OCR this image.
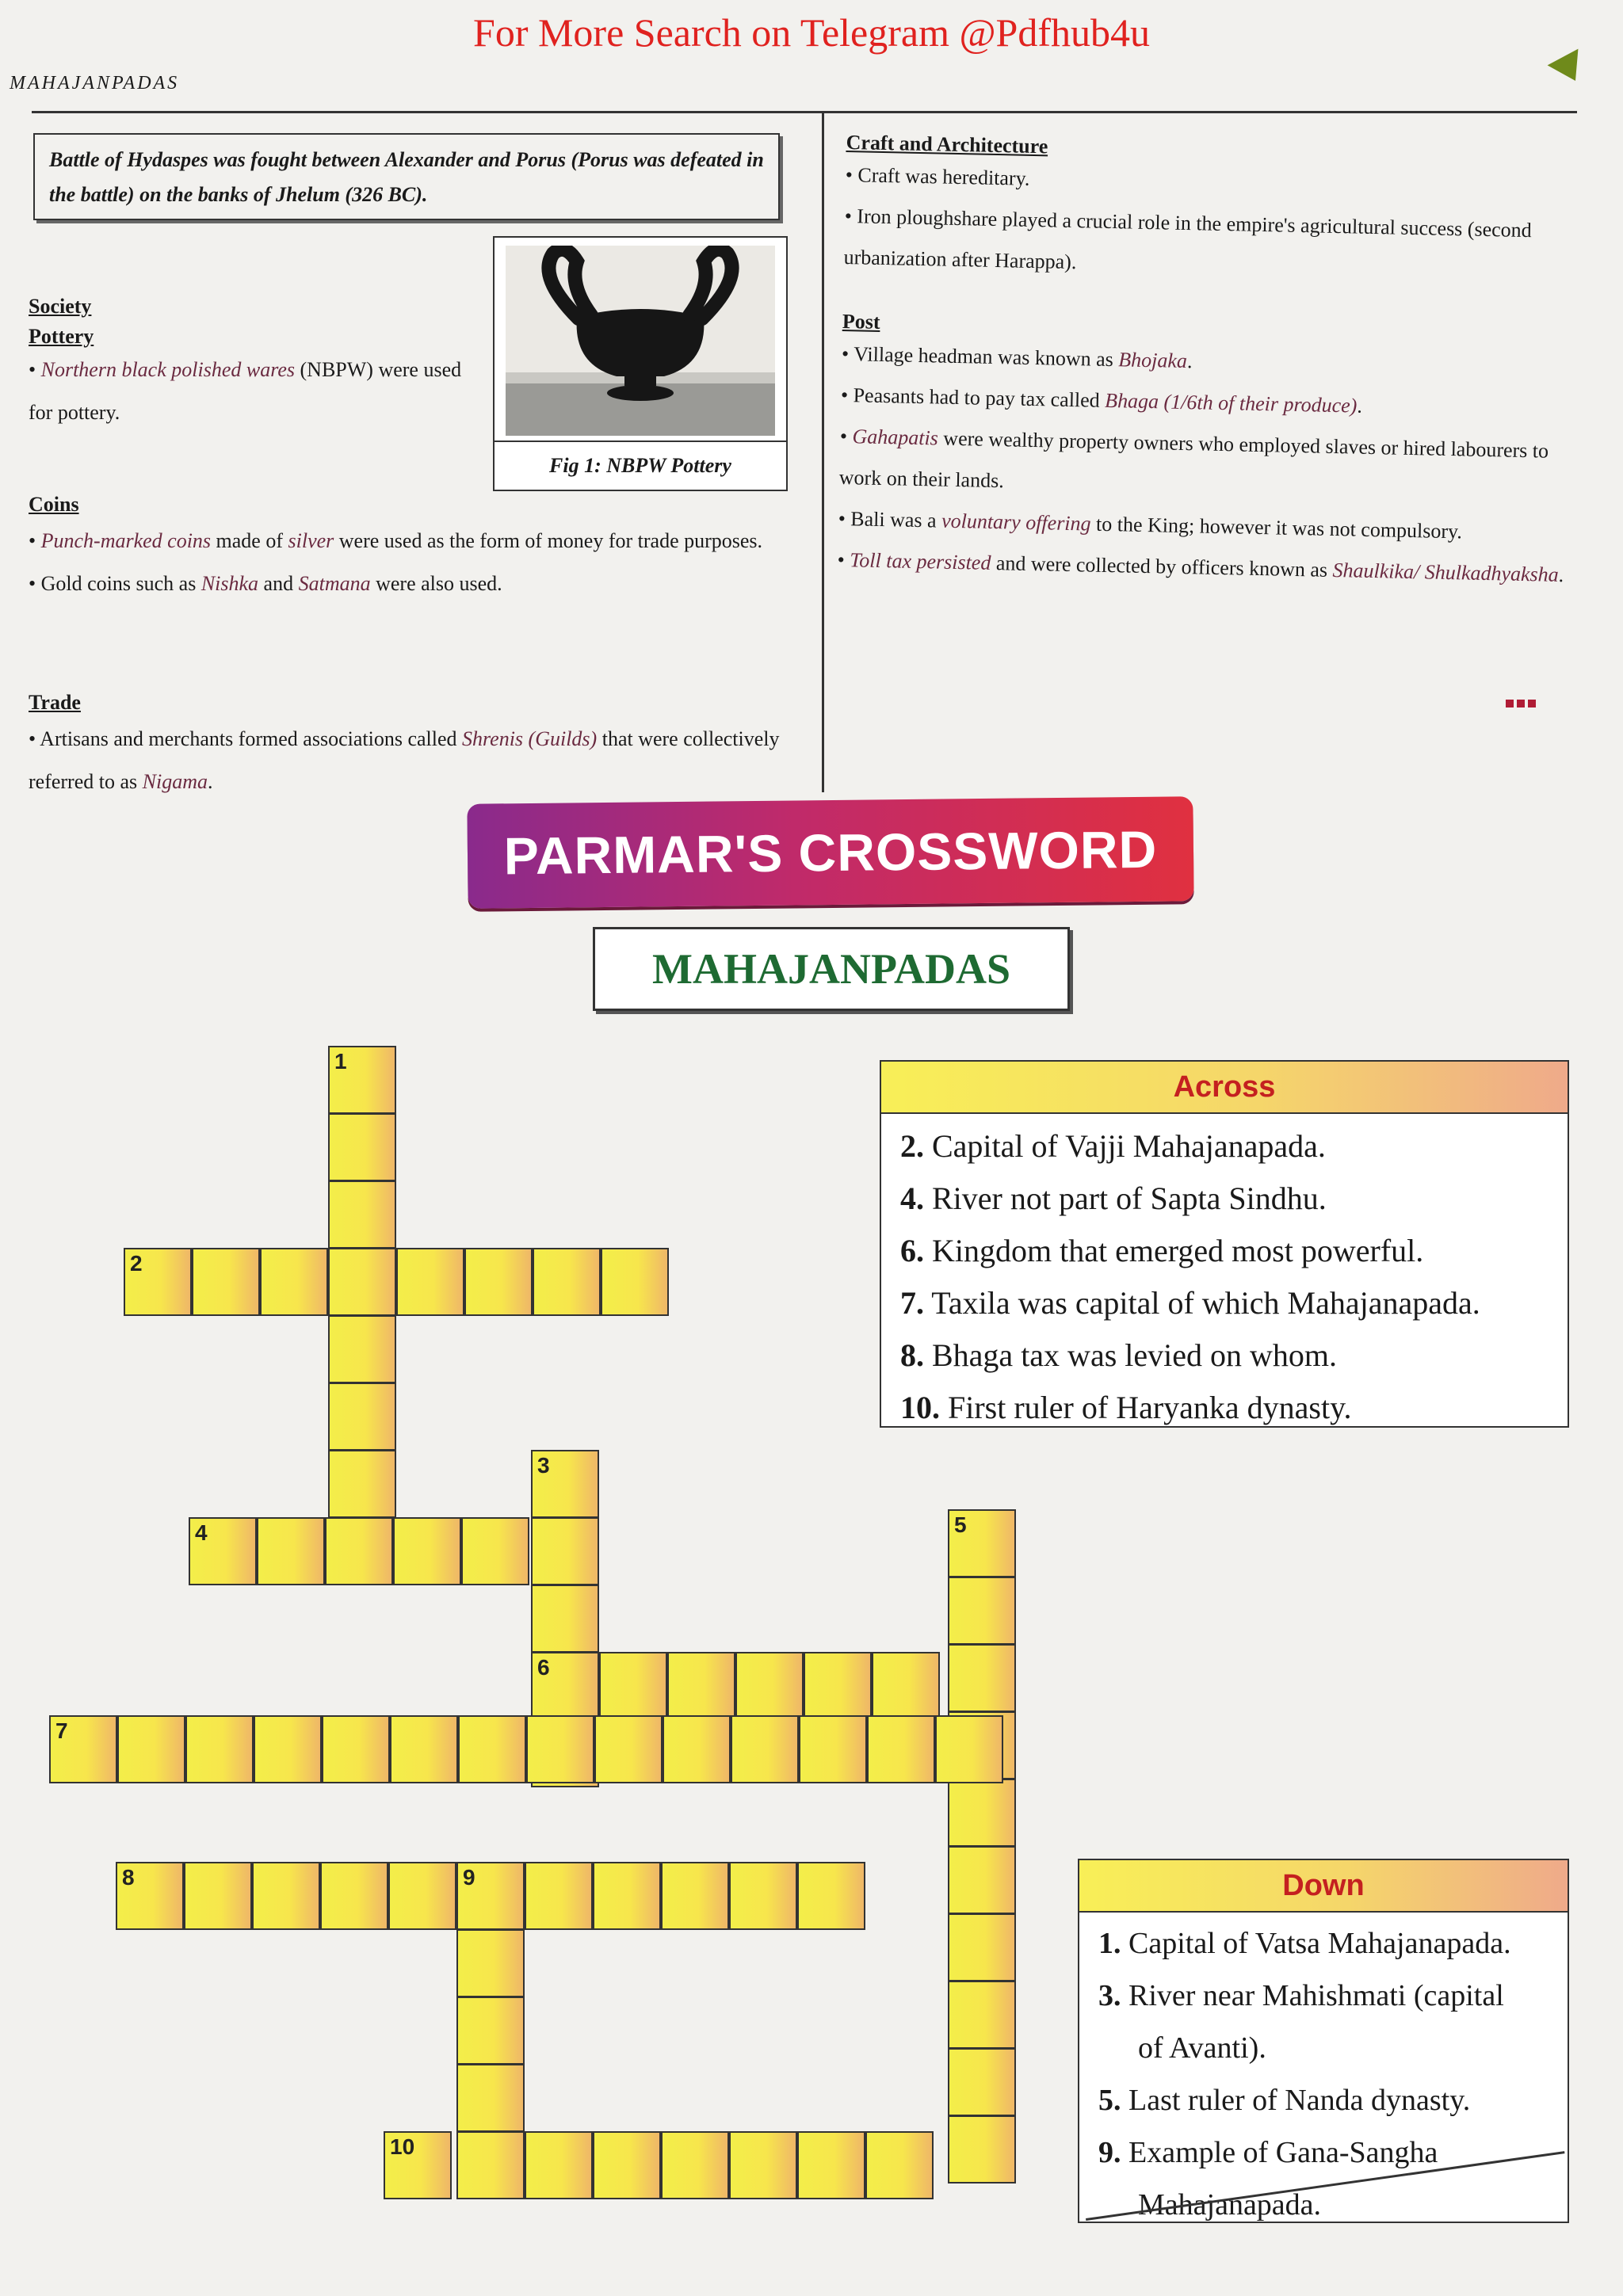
For More Search on Telegram @Pdfhub4u
MAHAJANPADAS
Battle of Hydaspes was fought between Alexander and Porus (Porus was defeated in the battle) on the banks of Jhelum (326 BC).
Society
Pottery
• Northern black polished wares (NBPW) were used for pottery.
Fig 1: NBPW Pottery
Coins
• Punch-marked coins made of silver were used as the form of money for trade purposes.
• Gold coins such as Nishka and Satmana were also used.
Trade
• Artisans and merchants formed associations called Shrenis (Guilds) that were collectively referred to as Nigama.
Craft and Architecture
• Craft was hereditary.
• Iron ploughshare played a crucial role in the empire's agricultural success (second urbanization after Harappa).
Post
• Village headman was known as Bhojaka.
• Peasants had to pay tax called Bhaga (1/6th of their produce).
• Gahapatis were wealthy property owners who employed slaves or hired labourers to work on their lands.
• Bali was a voluntary offering to the King; however it was not compulsory.
• Toll tax persisted and were collected by officers known as Shaulkika/ Shulkadhyaksha.
PARMAR'S CROSSWORD
MAHAJANPADAS
1
2
3
4
6
5
7
8	9
10
Across
2. Capital of Vajji Mahajanapada.
4. River not part of Sapta Sindhu.
6. Kingdom that emerged most powerful.
7. Taxila was capital of which Mahajanapada.
8. Bhaga tax was levied on whom.
10. First ruler of Haryanka dynasty.
Down
1. Capital of Vatsa Mahajanapada.
3. River near Mahishmati (capital
of Avanti).
5. Last ruler of Nanda dynasty.
9. Example of Gana-Sangha
Mahajanapada.
